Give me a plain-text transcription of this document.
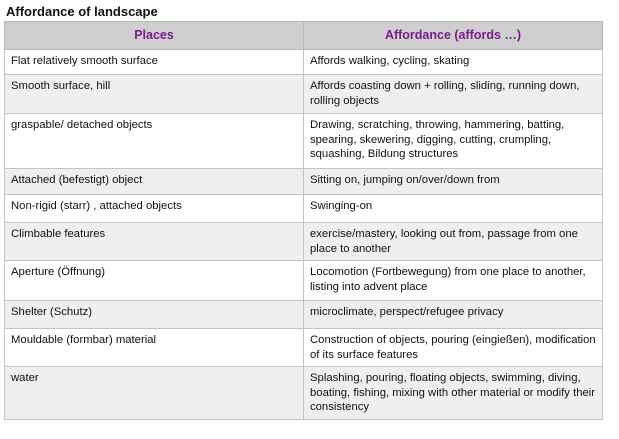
Affordance of landscape
Places	Affordance (affords …)
Flat relatively smooth surface	Affords walking, cycling, skating
Smooth surface, hill	Affords coasting down + rolling, sliding, running down, rolling objects
graspable/ detached objects	Drawing, scratching, throwing, hammering, batting, spearing, skewering, digging, cutting, crumpling, squashing, Bildung structures
Attached (befestigt) object	Sitting on, jumping on/over/down from
Non-rigid (starr) , attached objects	Swinging-on
Climbable features	exercise/mastery, looking out from, passage from one place to another
Aperture (Öffnung)	Locomotion (Fortbewegung) from one place to another, listing into advent place
Shelter (Schutz)	microclimate, perspect/refugee privacy
Mouldable (formbar) material	Construction of objects, pouring (eingießen), modification of its surface features
water	Splashing, pouring, floating objects, swimming, diving, boating, fishing, mixing with other material or modify their consistency
